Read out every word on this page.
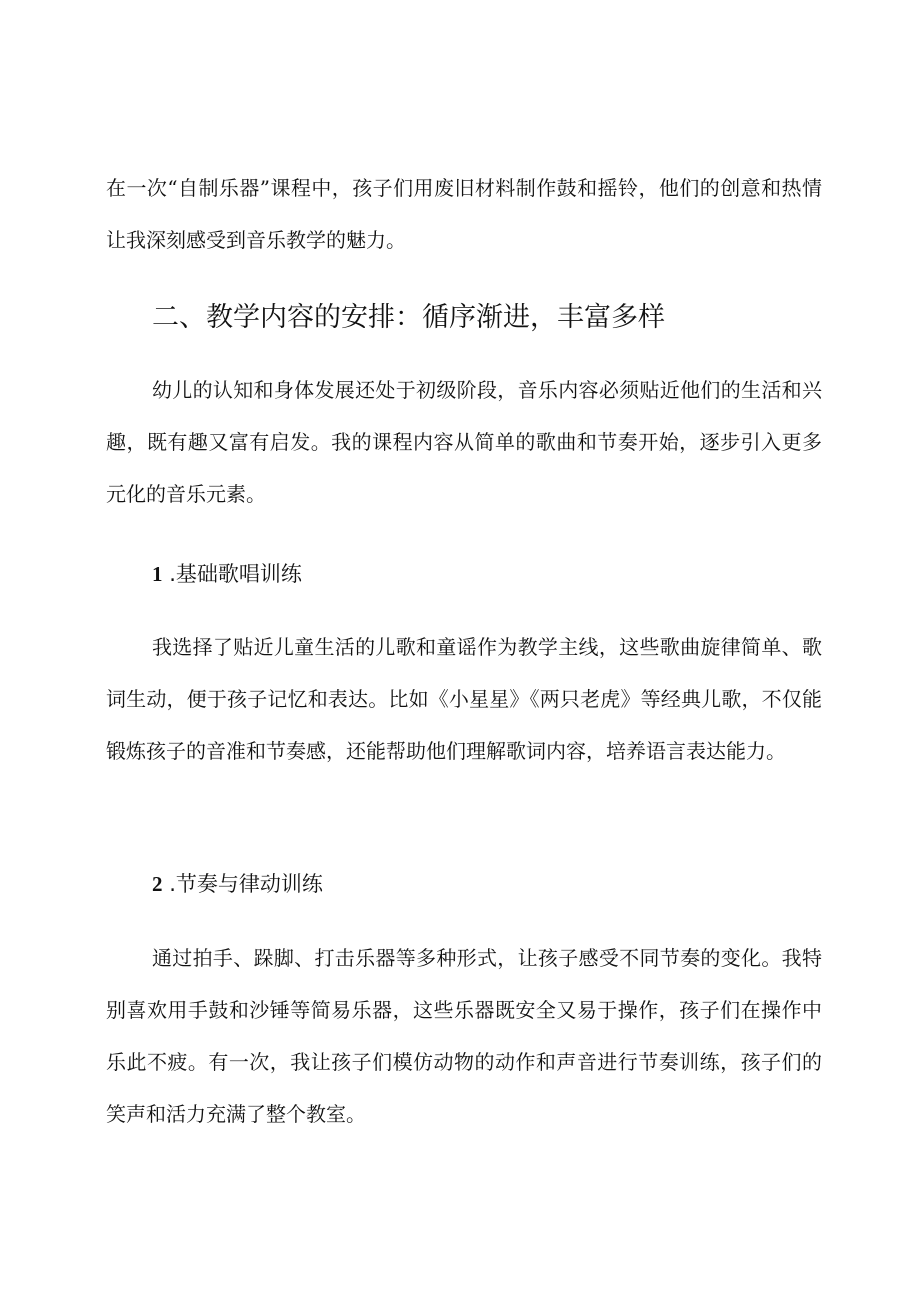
在一次“自制乐器”课程中，孩子们用废旧材料制作鼓和摇铃，他们的创意和热情让我深刻感受到音乐教学的魅力。

二、教学内容的安排：循序渐进，丰富多样

幼儿的认知和身体发展还处于初级阶段，音乐内容必须贴近他们的生活和兴趣，既有趣又富有启发。我的课程内容从简单的歌曲和节奏开始，逐步引入更多元化的音乐元素。

1 .基础歌唱训练

我选择了贴近儿童生活的儿歌和童谣作为教学主线，这些歌曲旋律简单、歌词生动，便于孩子记忆和表达。比如《小星星》《两只老虎》等经典儿歌，不仅能锻炼孩子的音准和节奏感，还能帮助他们理解歌词内容，培养语言表达能力。

2 .节奏与律动训练

通过拍手、跺脚、打击乐器等多种形式，让孩子感受不同节奏的变化。我特别喜欢用手鼓和沙锤等简易乐器，这些乐器既安全又易于操作，孩子们在操作中乐此不疲。有一次，我让孩子们模仿动物的动作和声音进行节奏训练，孩子们的笑声和活力充满了整个教室。
